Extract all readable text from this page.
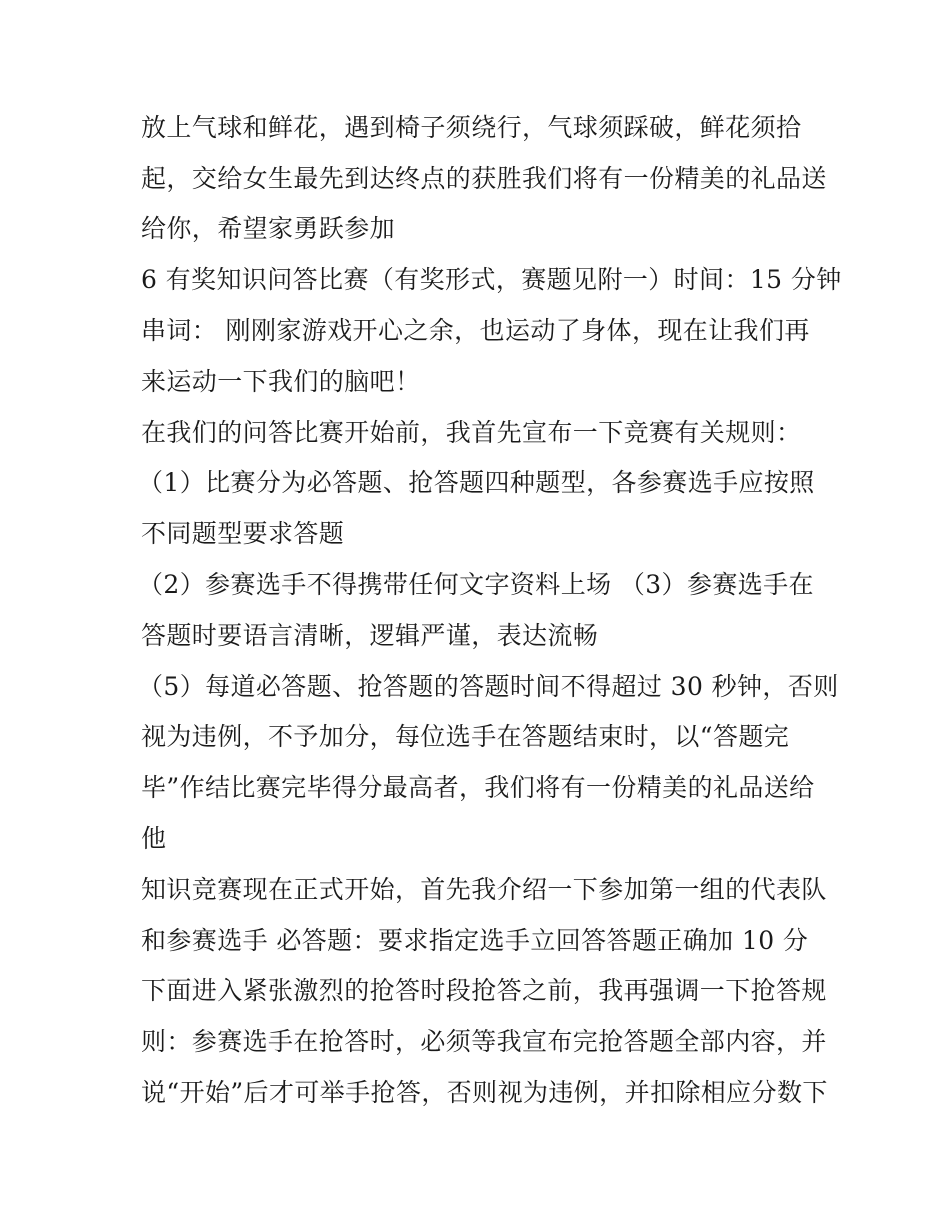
放上气球和鲜花，遇到椅子须绕行，气球须踩破，鲜花须拾
起，交给女生最先到达终点的获胜我们将有一份精美的礼品送
给你，希望家勇跃参加
6 有奖知识问答比赛（有奖形式，赛题见附一）时间：15 分钟
串词： 刚刚家游戏开心之余，也运动了身体，现在让我们再
来运动一下我们的脑吧！
在我们的问答比赛开始前，我首先宣布一下竞赛有关规则：
（1）比赛分为必答题、抢答题四种题型，各参赛选手应按照
不同题型要求答题
（2）参赛选手不得携带任何文字资料上场 （3）参赛选手在
答题时要语言清晰，逻辑严谨，表达流畅
（5）每道必答题、抢答题的答题时间不得超过 30 秒钟，否则
视为违例，不予加分，每位选手在答题结束时，以“答题完
毕”作结比赛完毕得分最高者，我们将有一份精美的礼品送给
他
知识竞赛现在正式开始，首先我介绍一下参加第一组的代表队
和参赛选手 必答题：要求指定选手立回答答题正确加 10 分
下面进入紧张激烈的抢答时段抢答之前，我再强调一下抢答规
则：参赛选手在抢答时，必须等我宣布完抢答题全部内容，并
说“开始”后才可举手抢答，否则视为违例，并扣除相应分数下
